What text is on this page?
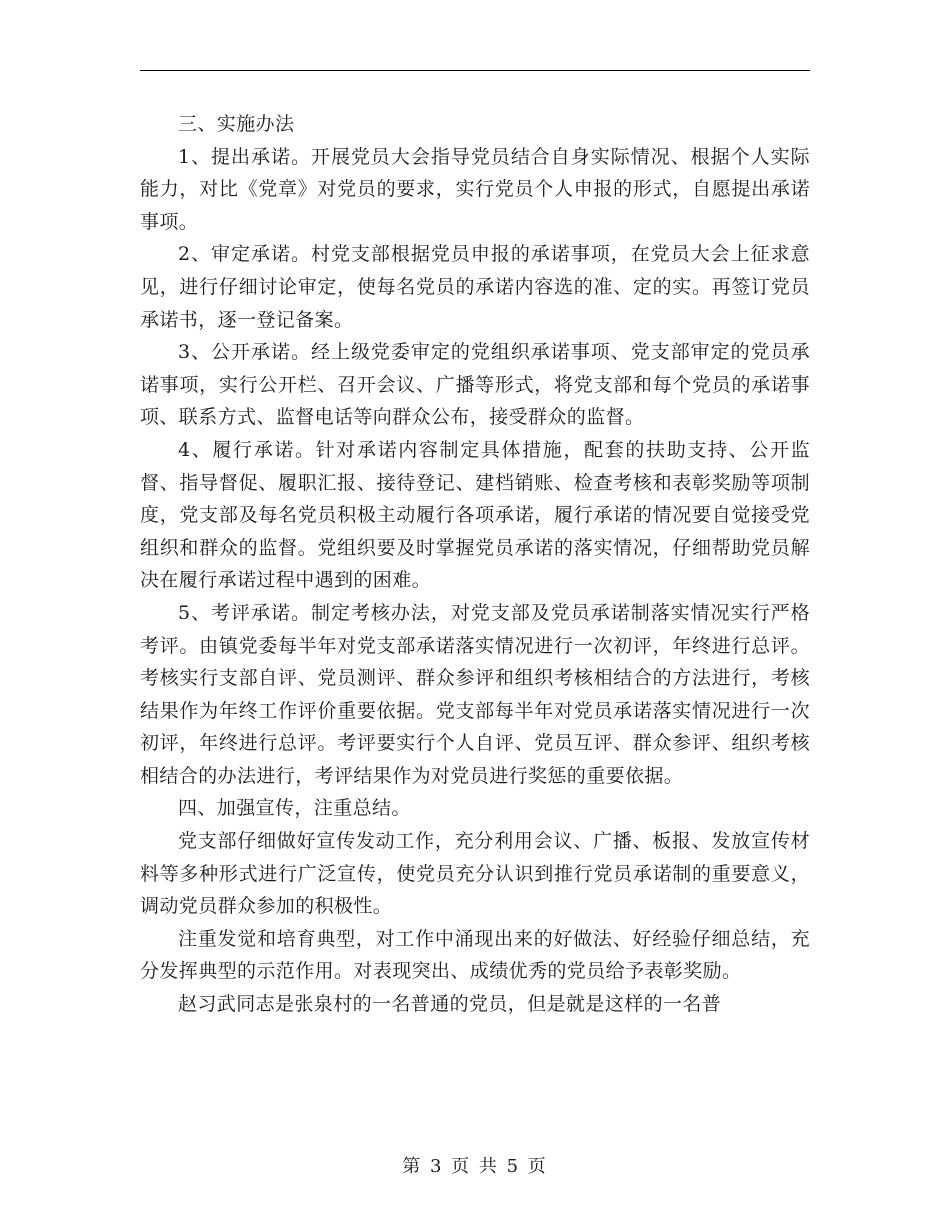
三、实施办法

1、提出承诺。开展党员大会指导党员结合自身实际情况、根据个人实际能力，对比《党章》对党员的要求，实行党员个人申报的形式，自愿提出承诺事项。

2、审定承诺。村党支部根据党员申报的承诺事项，在党员大会上征求意见，进行仔细讨论审定，使每名党员的承诺内容选的准、定的实。再签订党员承诺书，逐一登记备案。

3、公开承诺。经上级党委审定的党组织承诺事项、党支部审定的党员承诺事项，实行公开栏、召开会议、广播等形式，将党支部和每个党员的承诺事项、联系方式、监督电话等向群众公布，接受群众的监督。

4、履行承诺。针对承诺内容制定具体措施，配套的扶助支持、公开监督、指导督促、履职汇报、接待登记、建档销账、检查考核和表彰奖励等项制度，党支部及每名党员积极主动履行各项承诺，履行承诺的情况要自觉接受党组织和群众的监督。党组织要及时掌握党员承诺的落实情况，仔细帮助党员解决在履行承诺过程中遇到的困难。

5、考评承诺。制定考核办法，对党支部及党员承诺制落实情况实行严格考评。由镇党委每半年对党支部承诺落实情况进行一次初评，年终进行总评。考核实行支部自评、党员测评、群众参评和组织考核相结合的方法进行，考核结果作为年终工作评价重要依据。党支部每半年对党员承诺落实情况进行一次初评，年终进行总评。考评要实行个人自评、党员互评、群众参评、组织考核相结合的办法进行，考评结果作为对党员进行奖惩的重要依据。

四、加强宣传，注重总结。

党支部仔细做好宣传发动工作，充分利用会议、广播、板报、发放宣传材料等多种形式进行广泛宣传，使党员充分认识到推行党员承诺制的重要意义，调动党员群众参加的积极性。

注重发觉和培育典型，对工作中涌现出来的好做法、好经验仔细总结，充分发挥典型的示范作用。对表现突出、成绩优秀的党员给予表彰奖励。

赵习武同志是张泉村的一名普通的党员，但是就是这样的一名普

第 3 页 共 5 页
